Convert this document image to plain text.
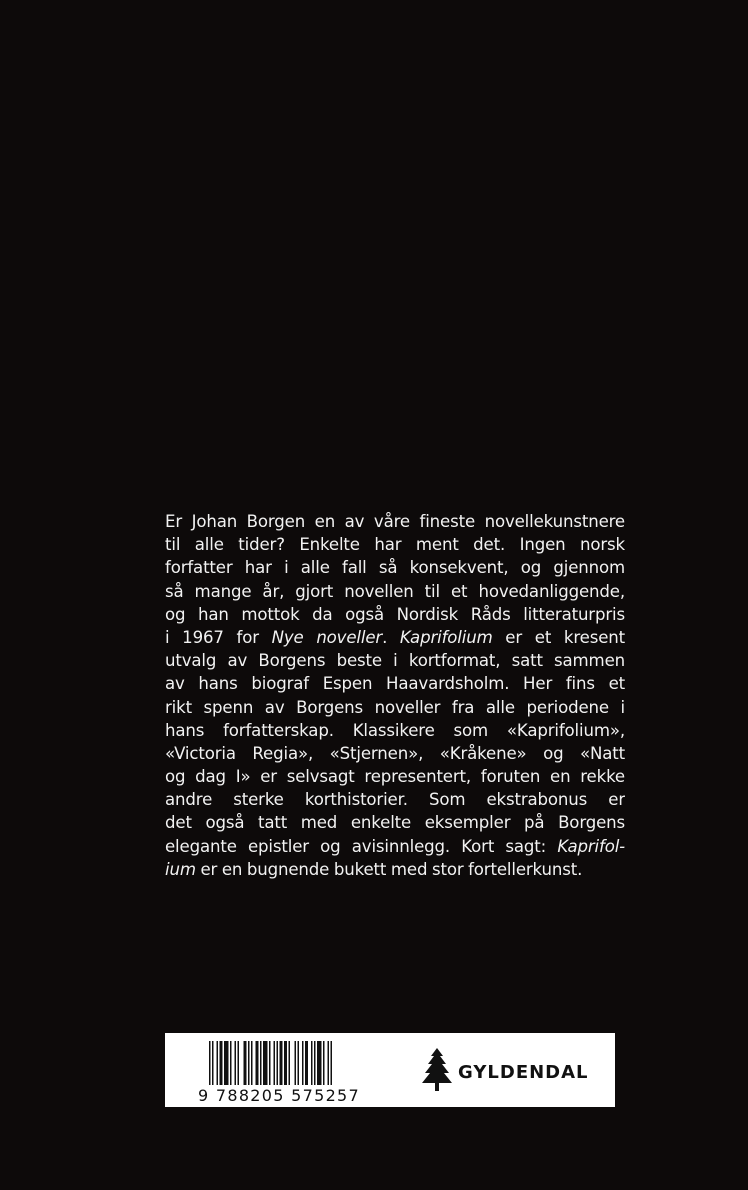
Er Johan Borgen en av våre fineste novellekunstnere
til alle tider? Enkelte har ment det. Ingen norsk
forfatter har i alle fall så konsekvent, og gjennom
så mange år, gjort novellen til et hovedanliggende,
og han mottok da også Nordisk Råds litteraturpris
i 1967 for Nye noveller. Kaprifolium er et kresent
utvalg av Borgens beste i kortformat, satt sammen
av hans biograf Espen Haavardsholm. Her fins et
rikt spenn av Borgens noveller fra alle periodene i
hans forfatterskap. Klassikere som «Kaprifolium»,
«Victoria Regia», «Stjernen», «Kråkene» og «Natt
og dag I» er selvsagt representert, foruten en rekke
andre sterke korthistorier. Som ekstrabonus er
det også tatt med enkelte eksempler på Borgens
elegante epistler og avisinnlegg. Kort sagt: Kaprifol-
ium er en bugnende bukett med stor fortellerkunst.
9 788205 575257
GYLDENDAL
